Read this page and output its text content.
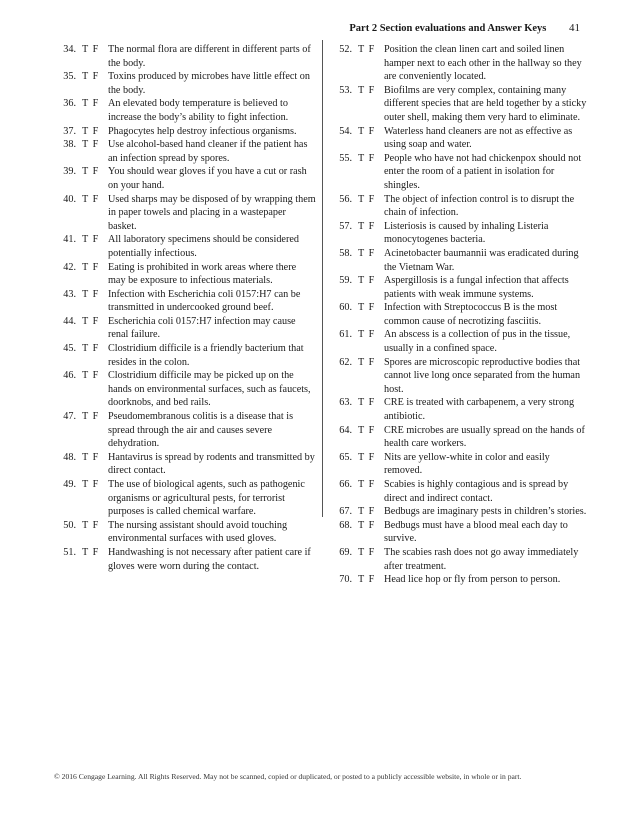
Part 2 Section evaluations and Answer Keys 41
34. T F The normal flora are different in different parts of the body.
35. T F Toxins produced by microbes have little effect on the body.
36. T F An elevated body temperature is believed to increase the body’s ability to fight infection.
37. T F Phagocytes help destroy infectious organisms.
38. T F Use alcohol-based hand cleaner if the patient has an infection spread by spores.
39. T F You should wear gloves if you have a cut or rash on your hand.
40. T F Used sharps may be disposed of by wrapping them in paper towels and placing in a wastepaper basket.
41. T F All laboratory specimens should be considered potentially infectious.
42. T F Eating is prohibited in work areas where there may be exposure to infectious materials.
43. T F Infection with Escherichia coli 0157:H7 can be transmitted in undercooked ground beef.
44. T F Escherichia coli 0157:H7 infection may cause renal failure.
45. T F Clostridium difficile is a friendly bacterium that resides in the colon.
46. T F Clostridium difficile may be picked up on the hands on environmental surfaces, such as faucets, doorknobs, and bed rails.
47. T F Pseudomembranous colitis is a disease that is spread through the air and causes severe dehydration.
48. T F Hantavirus is spread by rodents and transmitted by direct contact.
49. T F The use of biological agents, such as pathogenic organisms or agricultural pests, for terrorist purposes is called chemical warfare.
50. T F The nursing assistant should avoid touching environmental surfaces with used gloves.
51. T F Handwashing is not necessary after patient care if gloves were worn during the contact.
52. T F Position the clean linen cart and soiled linen hamper next to each other in the hallway so they are conveniently located.
53. T F Biofilms are very complex, containing many different species that are held together by a sticky outer shell, making them very hard to eliminate.
54. T F Waterless hand cleaners are not as effective as using soap and water.
55. T F People who have not had chickenpox should not enter the room of a patient in isolation for shingles.
56. T F The object of infection control is to disrupt the chain of infection.
57. T F Listeriosis is caused by inhaling Listeria monocytogenes bacteria.
58. T F Acinetobacter baumannii was eradicated during the Vietnam War.
59. T F Aspergillosis is a fungal infection that affects patients with weak immune systems.
60. T F Infection with Streptococcus B is the most common cause of necrotizing fasciitis.
61. T F An abscess is a collection of pus in the tissue, usually in a confined space.
62. T F Spores are microscopic reproductive bodies that cannot live long once separated from the human host.
63. T F CRE is treated with carbapenem, a very strong antibiotic.
64. T F CRE microbes are usually spread on the hands of health care workers.
65. T F Nits are yellow-white in color and easily removed.
66. T F Scabies is highly contagious and is spread by direct and indirect contact.
67. T F Bedbugs are imaginary pests in children’s stories.
68. T F Bedbugs must have a blood meal each day to survive.
69. T F The scabies rash does not go away immediately after treatment.
70. T F Head lice hop or fly from person to person.
© 2016 Cengage Learning. All Rights Reserved. May not be scanned, copied or duplicated, or posted to a publicly accessible website, in whole or in part.
